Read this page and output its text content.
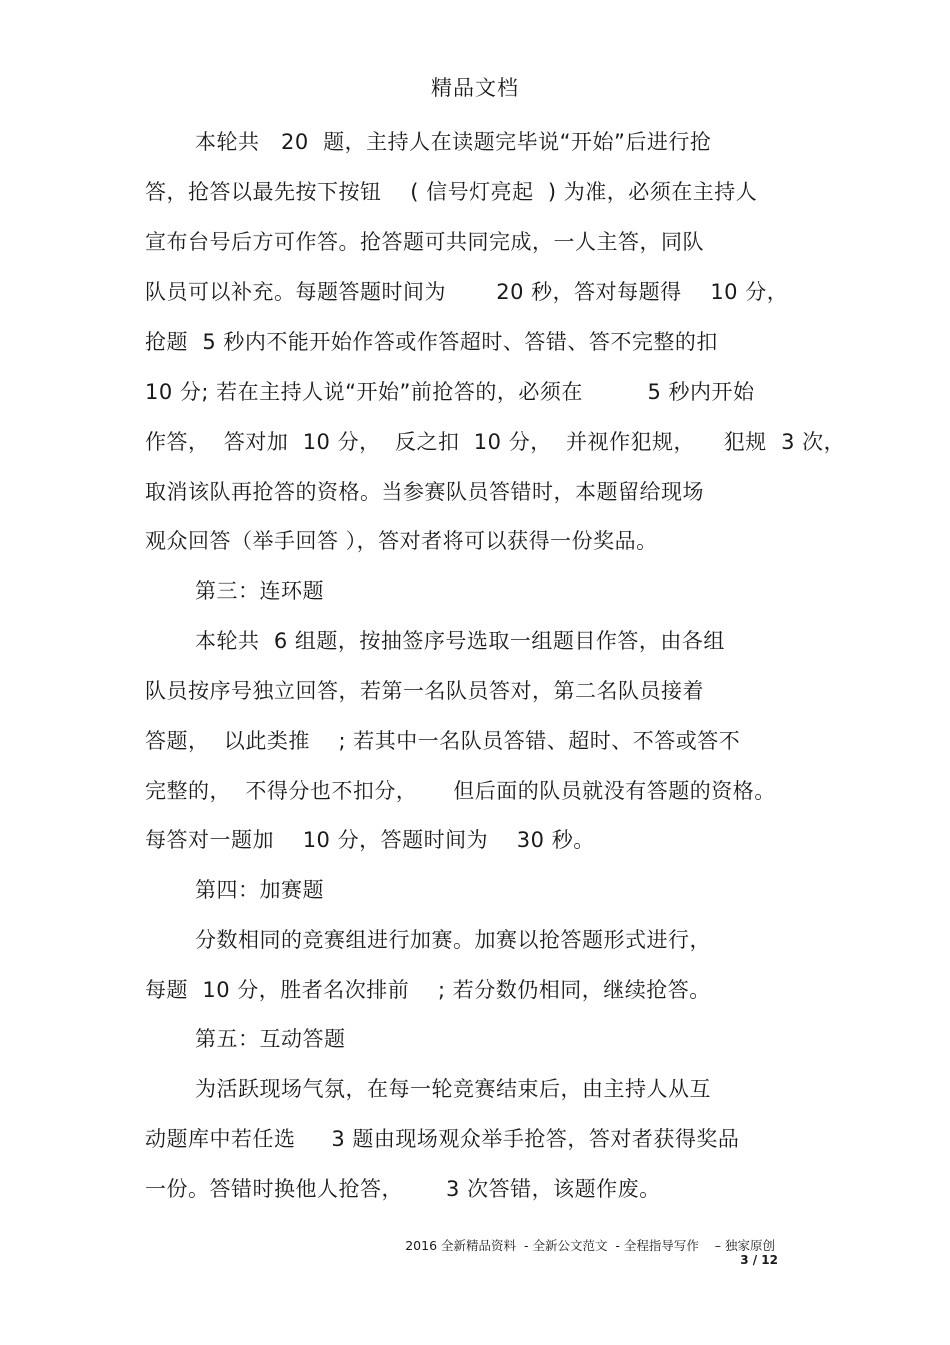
精品文档
本轮共   20  题，主持人在读题完毕说“开始”后进行抢
答，抢答以最先按下按钮    ( 信号灯亮起  ) 为准，必须在主持人
宣布台号后方可作答。抢答题可共同完成，一人主答，同队
队员可以补充。每题答题时间为       20 秒，答对每题得    10 分，
抢题  5 秒内不能开始作答或作答超时、答错、答不完整的扣
10 分; 若在主持人说“开始”前抢答的，必须在         5 秒内开始
作答，  答对加  10 分，  反之扣  10 分，  并视作犯规，    犯规  3 次，
取消该队再抢答的资格。当参赛队员答错时，本题留给现场
观众回答（举手回答 ），答对者将可以获得一份奖品。
第三：连环题
本轮共  6 组题，按抽签序号选取一组题目作答，由各组
队员按序号独立回答，若第一名队员答对，第二名队员接着
答题，  以此类推    ; 若其中一名队员答错、超时、不答或答不
完整的，  不得分也不扣分，     但后面的队员就没有答题的资格。
每答对一题加    10 分，答题时间为    30 秒。
第四：加赛题
分数相同的竞赛组进行加赛。加赛以抢答题形式进行，
每题  10 分，胜者名次排前    ; 若分数仍相同，继续抢答。
第五：互动答题
为活跃现场气氛，在每一轮竞赛结束后，由主持人从互
动题库中若任选     3 题由现场观众举手抢答，答对者获得奖品
一份。答错时换他人抢答，      3 次答错，该题作废。
2016 全新精品资料  - 全新公文范文  - 全程指导写作    – 独家原创
3 / 12
